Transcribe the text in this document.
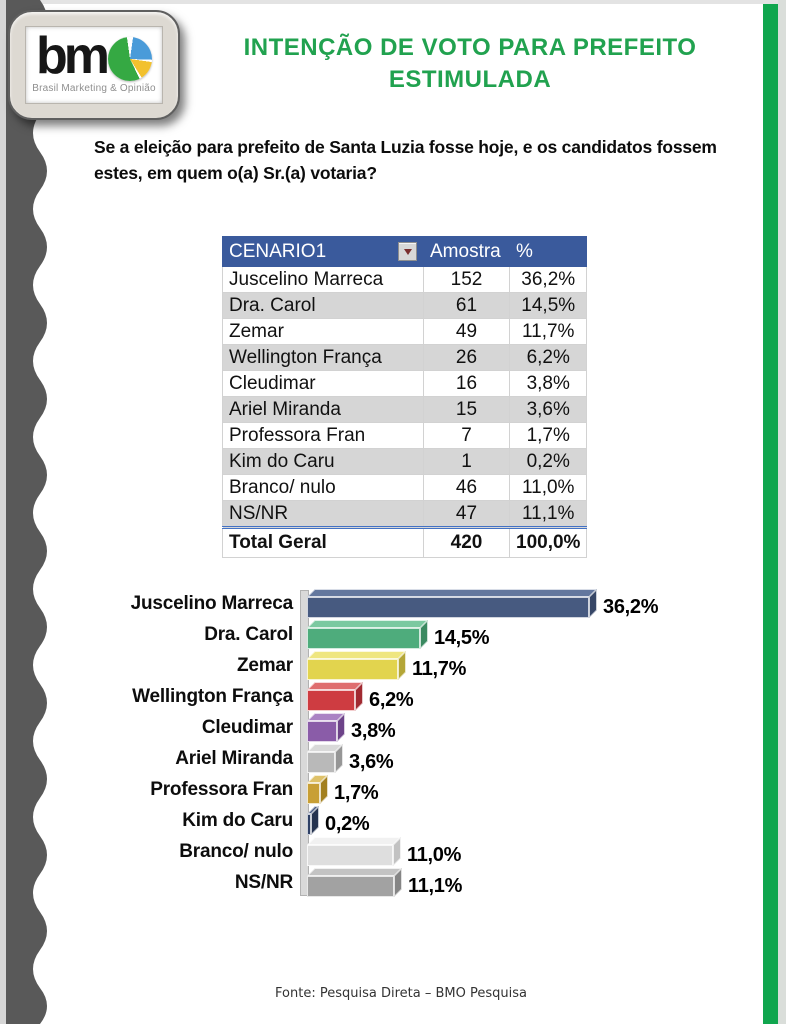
bm
Brasil Marketing & Opinião
INTENÇÃO DE VOTO PARA PREFEITO
ESTIMULADA
Se a eleição para prefeito de Santa Luzia fosse hoje, e os candidatos fossem estes, em quem o(a) Sr.(a) votaria?
CENARIO1	Amostra	%
Juscelino Marreca	152	36,2%
Dra. Carol	61	14,5%
Zemar	49	11,7%
Wellington França	26	6,2%
Cleudimar	16	3,8%
Ariel Miranda	15	3,6%
Professora Fran	7	1,7%
Kim do Caru	1	0,2%
Branco/ nulo	46	11,0%
NS/NR	47	11,1%
Total Geral	420	100,0%
Juscelino Marreca	36,2%
Dra. Carol	14,5%
Zemar	11,7%
Wellington França	6,2%
Cleudimar	3,8%
Ariel Miranda	3,6%
Professora Fran 1,7%
Kim do Caru 0,2%
Branco/ nulo	11,0%
NS/NR	11,1%
Fonte: Pesquisa Direta – BMO Pesquisa
